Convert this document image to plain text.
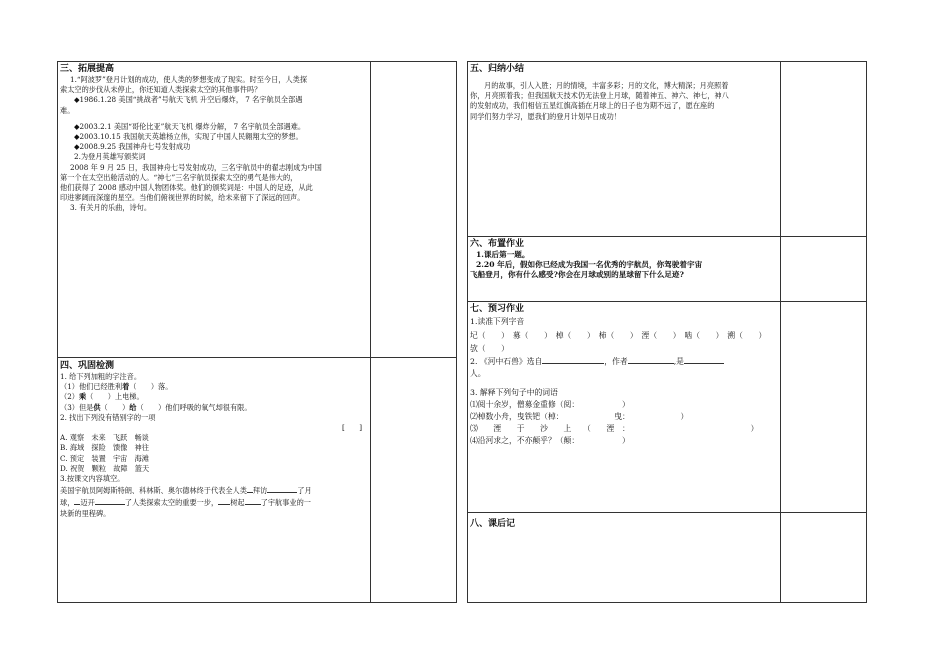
三、拓展提高
1.“阿波罗”登月计划的成功，使人类的梦想变成了现实。时至今日，人类探
索太空的步伐从未停止，你还知道人类探索太空的其他事件吗？
◆1986.1.28 美国“挑战者”号航天飞机 升空后爆炸， 7 名宇航员全部遇
难。
◆2003.2.1 美国“哥伦比亚”航天飞机 爆炸分解， 7 名宇航员全部遇难。
◆2003.10.15 我国航天英雄杨立伟，实现了中国人民翱翔太空的梦想。
◆2008.9.25 我国神舟七号发射成功
2.为登月英雄写颁奖词
2008 年 9 月 25 日，我国神舟七号发射成功，三名宇航员中的翟志刚成为中国
第一个在太空出舱活动的人。“神七”三名宇航员探索太空的勇气是伟大的，
他们获得了 2008 感动中国人物团体奖。他们的颁奖词是：中国人的足迹，从此
印进寥阔而深邃的星空。当他们俯视世界的时候，给未来留下了深远的回声。
3. 有关月的乐曲，诗句。
四、巩固检测
1. 给下列加粗的字注音。
（1）他们已经胜利着（　　）落。
（2）乘（　　）上电梯。
（3）但是供（　　）给（　　）他们呼吸的氧气却很有限。
2. 找出下列没有错别字的一项
[　　]
A. 观察　未来　飞跃　畅谈
B. 海域　探险　馈像　神往
C. 预定　装置　宇宙　海滩
D. 祝贺　颗粒　故障　篮天
3.按课文内容填空。
美国宇航员阿姆斯特朗、科林斯、奥尔德林终于代表全人类 拜访	了月
球， 迈开	了人类探索太空的重要一步， 树起 了宇航事业的一
块新的里程碑。
五、归纳小结
月的故事，引人入胜；月的情境，丰富多彩；月的文化，博大精深；月亮照着
你，月亮照着我；但我国航天技术仍无法登上月球，随着神五、神六、神七，神八
的发射成功，我们相信五星红旗高插在月球上的日子也为期不远了，愿在座的
同学们努力学习，愿我们的登月计划早日成功！
六、布置作业
1.课后第一题。
2.20 年后，假如你已经成为我国一名优秀的宇航员，你驾驶着宇宙
飞船登月，你有什么感受?你会在月球或别的星球留下什么足迹?
七、预习作业
1.读准下列字音
圮（　　）　募（　　）　棹（　　）　柿（　　）　湮（　　）　啮（　　）　溯（　　）
欤（　　）
2. 《河中石兽》选自	，作者	,是
人。
3. 解释下列句子中的词语
⑴阅十余岁，僧募金重修（阅：　　　　　　）
⑵棹数小舟，曳铁钯（棹：　　　　　　　曳：　　　　　　　）
⑶　　湮　　于　　沙　　上　　（　　湮　：　　　　　　　　　　　　　　　　）
⑷沿河求之，不亦颠乎？（颠：　　　　　　）
八、课后记
